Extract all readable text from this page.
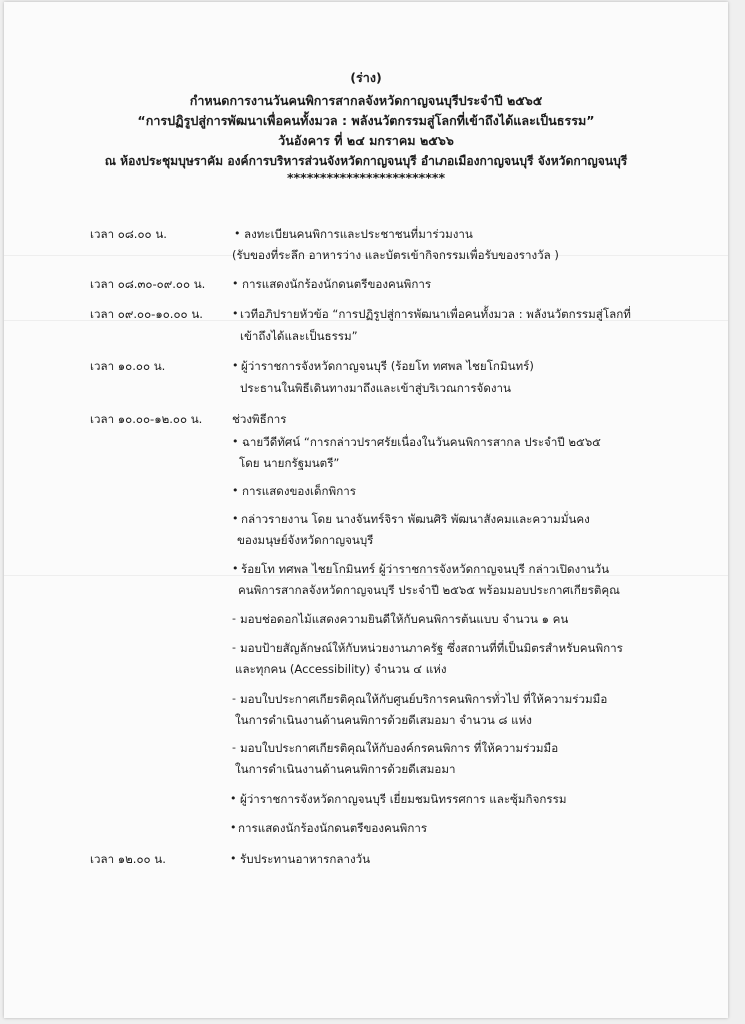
(ร่าง)
กำหนดการงานวันคนพิการสากลจังหวัดกาญจนบุรีประจำปี ๒๕๖๕
“การปฏิรูปสู่การพัฒนาเพื่อคนทั้งมวล : พลังนวัตกรรมสู่โลกที่เข้าถึงได้และเป็นธรรม”
วันอังคาร ที่ ๒๔ มกราคม ๒๕๖๖
ณ ห้องประชุมบุษราคัม องค์การบริหารส่วนจังหวัดกาญจนบุรี อำเภอเมืองกาญจนบุรี จังหวัดกาญจนบุรี
************************
เวลา ๐๘.๐๐ น.	• ลงทะเบียนคนพิการและประชาชนที่มาร่วมงาน
(รับของที่ระลึก อาหารว่าง และบัตรเข้ากิจกรรมเพื่อรับของรางวัล )
เวลา ๐๘.๓๐-๐๙.๐๐ น. • การแสดงนักร้องนักดนตรีของคนพิการ
เวลา ๐๙.๐๐-๑๐.๐๐ น.	• เวทีอภิปรายหัวข้อ “การปฏิรูปสู่การพัฒนาเพื่อคนทั้งมวล : พลังนวัตกรรมสู่โลกที่
เข้าถึงได้และเป็นธรรม”
เวลา ๑๐.๐๐ น.	• ผู้ว่าราชการจังหวัดกาญจนบุรี (ร้อยโท ทศพล ไชยโกมินทร์)
ประธานในพิธีเดินทางมาถึงและเข้าสู่บริเวณการจัดงาน
เวลา ๑๐.๐๐-๑๒.๐๐ น.	ช่วงพิธีการ
• ฉายวีดีทัศน์ “การกล่าวปราศรัยเนื่องในวันคนพิการสากล ประจำปี ๒๕๖๕
โดย นายกรัฐมนตรี”
• การแสดงของเด็กพิการ
• กล่าวรายงาน โดย นางจันทร์จิรา พัฒนศิริ พัฒนาสังคมและความมั่นคง
ของมนุษย์จังหวัดกาญจนบุรี
• ร้อยโท ทศพล ไชยโกมินทร์ ผู้ว่าราชการจังหวัดกาญจนบุรี กล่าวเปิดงานวัน
คนพิการสากลจังหวัดกาญจนบุรี ประจำปี ๒๕๖๕ พร้อมมอบประกาศเกียรติคุณ
- มอบช่อดอกไม้แสดงความยินดีให้กับคนพิการต้นแบบ จำนวน ๑ คน
- มอบป้ายสัญลักษณ์ให้กับหน่วยงานภาครัฐ ซึ่งสถานที่ที่เป็นมิตรสำหรับคนพิการ
และทุกคน (Accessibility) จำนวน ๔ แห่ง
- มอบใบประกาศเกียรติคุณให้กับศูนย์บริการคนพิการทั่วไป ที่ให้ความร่วมมือ
ในการดำเนินงานด้านคนพิการด้วยดีเสมอมา จำนวน ๘ แห่ง
- มอบใบประกาศเกียรติคุณให้กับองค์กรคนพิการ ที่ให้ความร่วมมือ
ในการดำเนินงานด้านคนพิการด้วยดีเสมอมา
• ผู้ว่าราชการจังหวัดกาญจนบุรี เยี่ยมชมนิทรรศการ และซุ้มกิจกรรม
• การแสดงนักร้องนักดนตรีของคนพิการ
เวลา ๑๒.๐๐ น.	• รับประทานอาหารกลางวัน
